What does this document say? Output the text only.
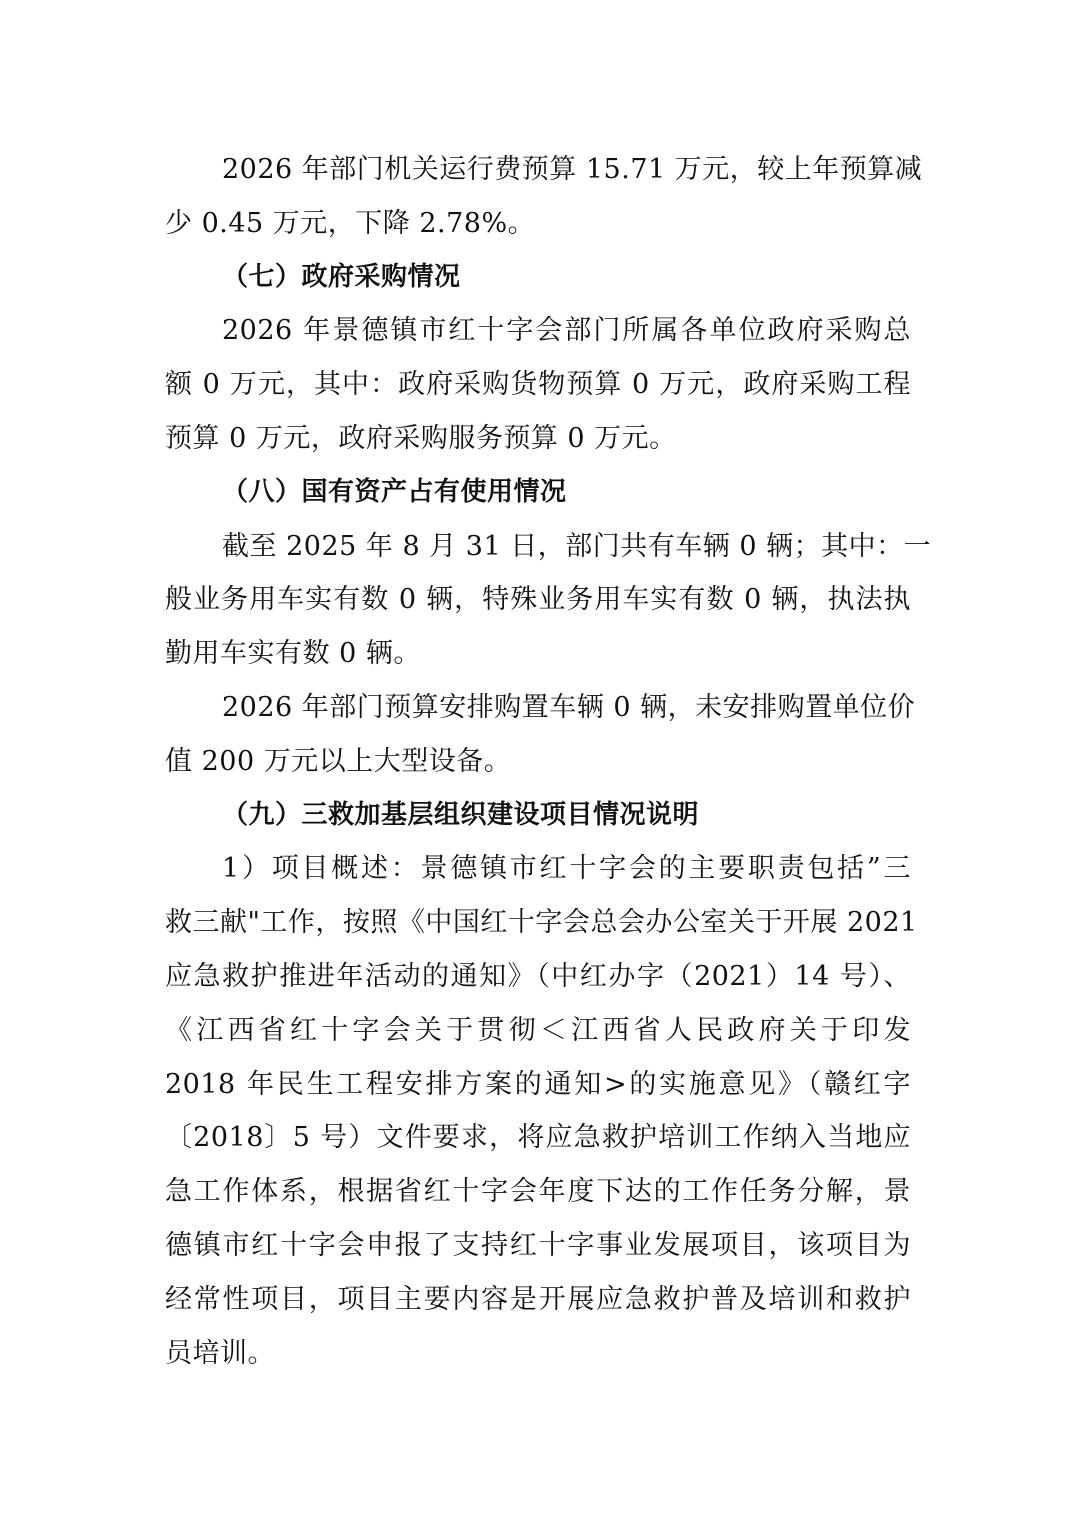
2026 年部门机关运行费预算 15.71 万元，较上年预算减
少 0.45 万元，下降 2.78%。
（七）政府采购情况
2026 年景德镇市红十字会部门所属各单位政府采购总
额 0 万元，其中：政府采购货物预算 0 万元，政府采购工程
预算 0 万元，政府采购服务预算 0 万元。
（八）国有资产占有使用情况
截至 2025 年 8 月 31 日，部门共有车辆 0 辆；其中：一
般业务用车实有数 0 辆，特殊业务用车实有数 0 辆，执法执
勤用车实有数 0 辆。
2026 年部门预算安排购置车辆 0 辆，未安排购置单位价
值 200 万元以上大型设备。
（九）三救加基层组织建设项目情况说明
1）项目概述：景德镇市红十字会的主要职责包括”三
救三献"工作，按照《中国红十字会总会办公室关于开展 2021
应急救护推进年活动的通知》（中红办字（2021）14 号）、
《江西省红十字会关于贯彻＜江西省人民政府关于印发
2018 年民生工程安排方案的通知>的实施意见》（赣红字
〔2018〕5 号）文件要求，将应急救护培训工作纳入当地应
急工作体系，根据省红十字会年度下达的工作任务分解，景
德镇市红十字会申报了支持红十字事业发展项目，该项目为
经常性项目，项目主要内容是开展应急救护普及培训和救护
员培训。
